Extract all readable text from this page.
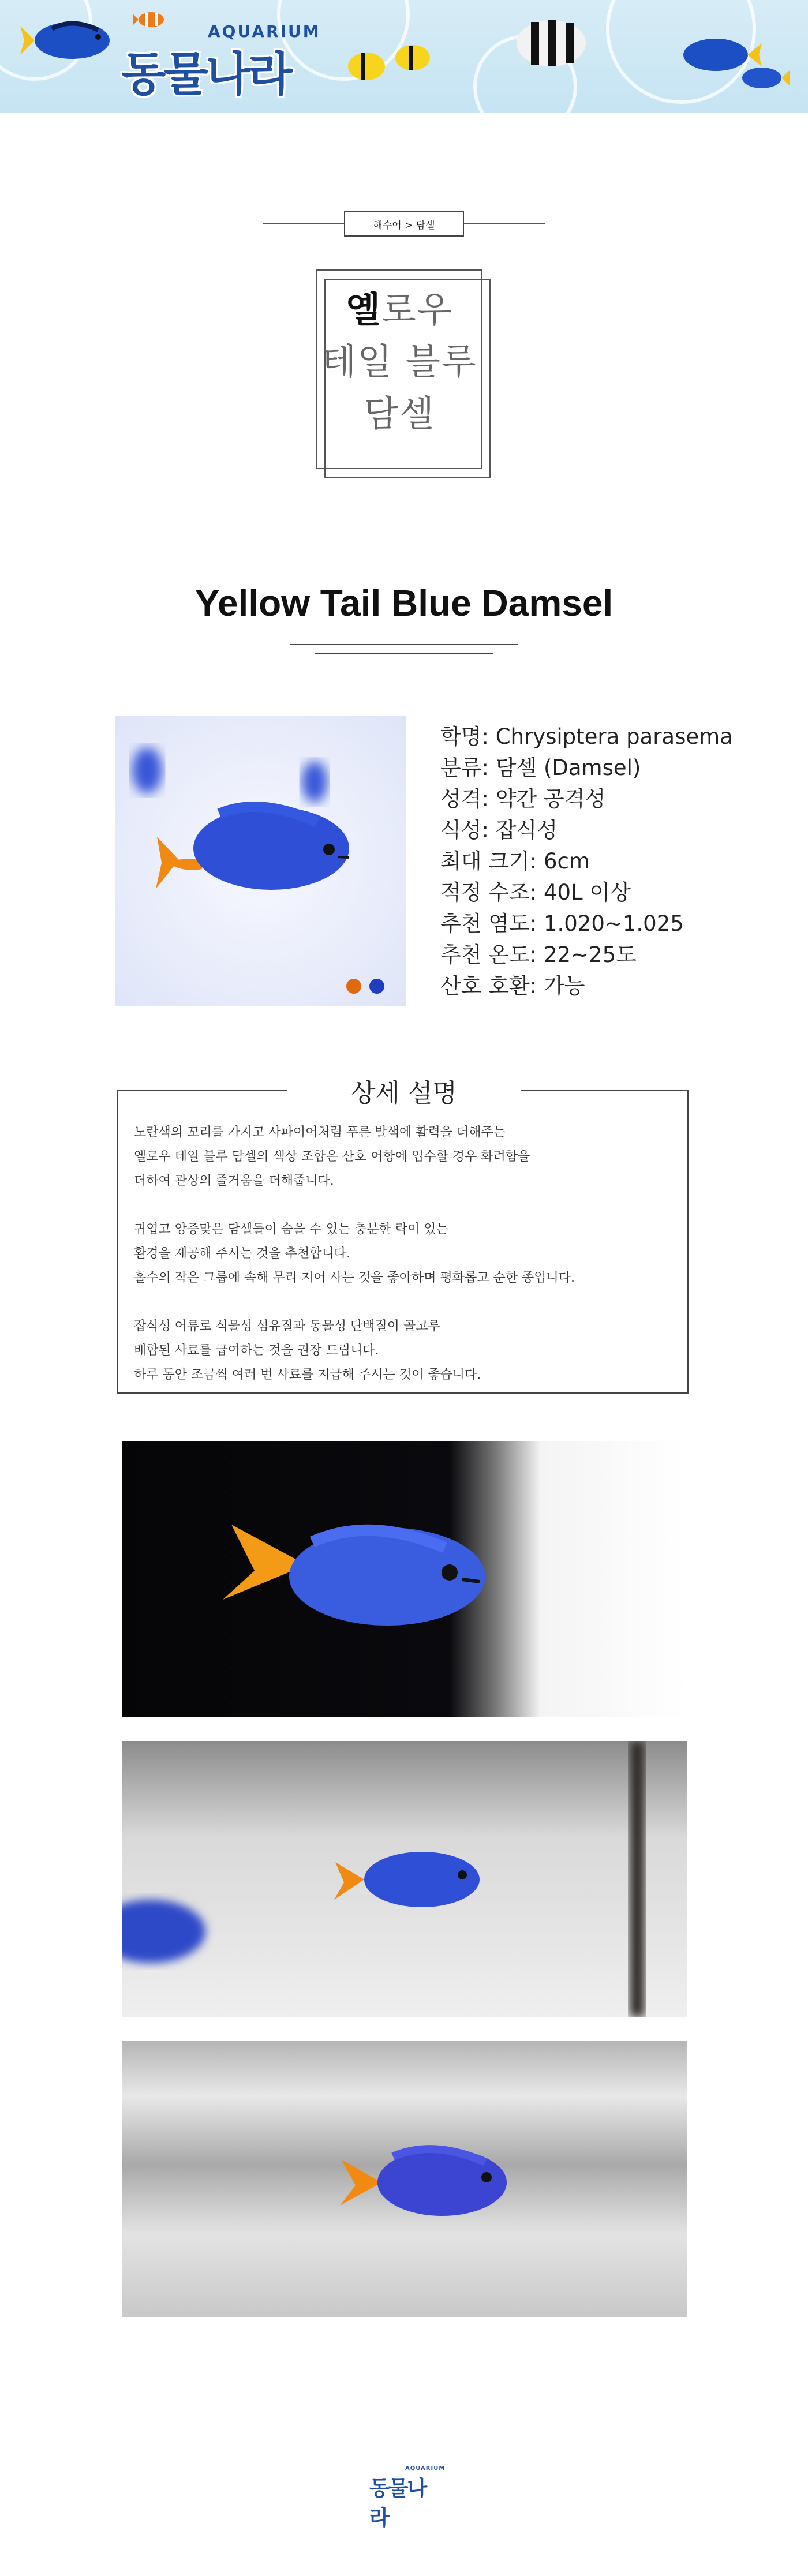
AQUARIUM
동물나라
해수어 > 담셀
옐로우
테일 블루
담셀
Yellow Tail Blue Damsel
학명: Chrysiptera parasema
분류: 담셀 (Damsel)
성격: 약간 공격성
식성: 잡식성
최대 크기: 6cm
적정 수조: 40L 이상
추천 염도: 1.020~1.025
추천 온도: 22~25도
산호 호환: 가능
상세 설명

노란색의 꼬리를 가지고 사파이어처럼 푸른 발색에 활력을 더해주는

옐로우 테일 블루 담셀의 색상 조합은 산호 어항에 입수할 경우 화려함을

더하여 관상의 즐거움을 더해줍니다.

귀엽고 앙증맞은 담셀들이 숨을 수 있는 충분한 락이 있는

환경을 제공해 주시는 것을 추천합니다.

홀수의 작은 그룹에 속해 무리 지어 사는 것을 좋아하며 평화롭고 순한 종입니다.

잡식성 어류로 식물성 섬유질과 동물성 단백질이 골고루

배합된 사료를 급여하는 것을 권장 드립니다.

하루 동안 조금씩 여러 번 사료를 지급해 주시는 것이 좋습니다.

AQUARIUM
동물나라
